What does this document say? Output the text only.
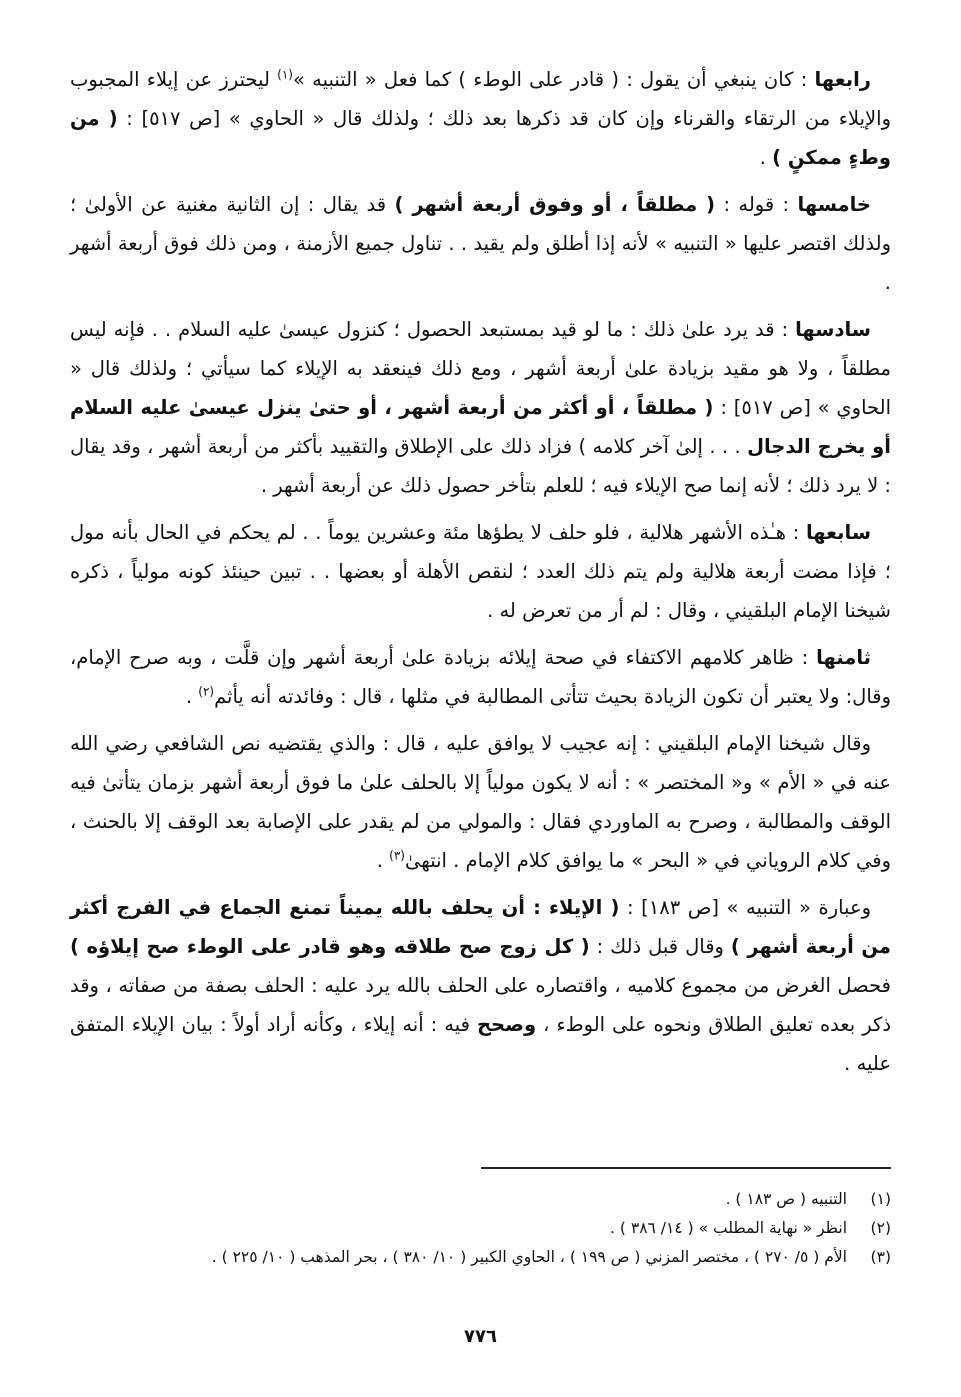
رابعها : كان ينبغي أن يقول : ( قادر على الوطء ) كما فعل « التنبيه »$^{(١)}$ ليحترز عن إيلاء المجبوب والإيلاء من الرتقاء والقرناء وإن كان قد ذكرها بعد ذلك ؛ ولذلك قال « الحاوي » [ص ٥١٧] : ( من وطءٍ ممكنٍ ) .

خامسها : قوله : ( مطلقاً ، أو وفوق أربعة أشهر ) قد يقال : إن الثانية مغنية عن الأولىٰ ؛ ولذلك اقتصر عليها « التنبيه » لأنه إذا أطلق ولم يقيد . . تناول جميع الأزمنة ، ومن ذلك فوق أربعة أشهر .

سادسها : قد يرد علىٰ ذلك : ما لو قيد بمستبعد الحصول ؛ كنزول عيسىٰ عليه السلام . . فإنه ليس مطلقاً ، ولا هو مقيد بزيادة علىٰ أربعة أشهر ، ومع ذلك فينعقد به الإيلاء كما سيأتي ؛ ولذلك قال « الحاوي » [ص ٥١٧] : ( مطلقاً ، أو أكثر من أربعة أشهر ، أو حتىٰ ينزل عيسىٰ عليه السلام أو يخرج الدجال . . . إلىٰ آخر كلامه ) فزاد ذلك على الإطلاق والتقييد بأكثر من أربعة أشهر ، وقد يقال : لا يرد ذلك ؛ لأنه إنما صح الإيلاء فيه ؛ للعلم بتأخر حصول ذلك عن أربعة أشهر .

سابعها : هـٰذه الأشهر هلالية ، فلو حلف لا يطؤها مئة وعشرين يوماً . . لم يحكم في الحال بأنه مول ؛ فإذا مضت أربعة هلالية ولم يتم ذلك العدد ؛ لنقص الأهلة أو بعضها . . تبين حينئذ كونه مولياً ، ذكره شيخنا الإمام البلقيني ، وقال : لم أر من تعرض له .

ثامنها : ظاهر كلامهم الاكتفاء في صحة إيلائه بزيادة علىٰ أربعة أشهر وإن قلَّت ، وبه صرح الإمام، وقال: ولا يعتبر أن تكون الزيادة بحيث تتأتى المطالبة في مثلها ، قال : وفائدته أنه يأثم$^{(٢)}$ .

وقال شيخنا الإمام البلقيني : إنه عجيب لا يوافق عليه ، قال : والذي يقتضيه نص الشافعي رضي الله عنه في « الأم » و« المختصر » : أنه لا يكون مولياً إلا بالحلف علىٰ ما فوق أربعة أشهر بزمان يتأتىٰ فيه الوقف والمطالبة ، وصرح به الماوردي فقال : والمولي من لم يقدر على الإصابة بعد الوقف إلا بالحنث ، وفي كلام الروياني في « البحر » ما يوافق كلام الإمام . انتهىٰ$^{(٣)}$ .

وعبارة « التنبيه » [ص ١٨٣] : ( الإيلاء : أن يحلف بالله يميناً تمنع الجماع في الفرج أكثر من أربعة أشهر ) وقال قبل ذلك : ( كل زوج صح طلاقه وهو قادر على الوطء صح إيلاؤه ) فحصل الغرض من مجموع كلاميه ، واقتصاره على الحلف بالله يرد عليه : الحلف بصفة من صفاته ، وقد ذكر بعده تعليق الطلاق ونحوه على الوطء ، وصحح فيه : أنه إيلاء ، وكأنه أراد أولاً : بيان الإيلاء المتفق عليه .

(١)
التنبيه ( ص ١٨٣ ) .
(٢)
انظر « نهاية المطلب » ( ١٤/ ٣٨٦ ) .
(٣)
الأم ( ٥/ ٢٧٠ ) ، مختصر المزني ( ص ١٩٩ ) ، الحاوي الكبير ( ١٠/ ٣٨٠ ) ، بحر المذهب ( ١٠/ ٢٢٥ ) .
٧٧٦
